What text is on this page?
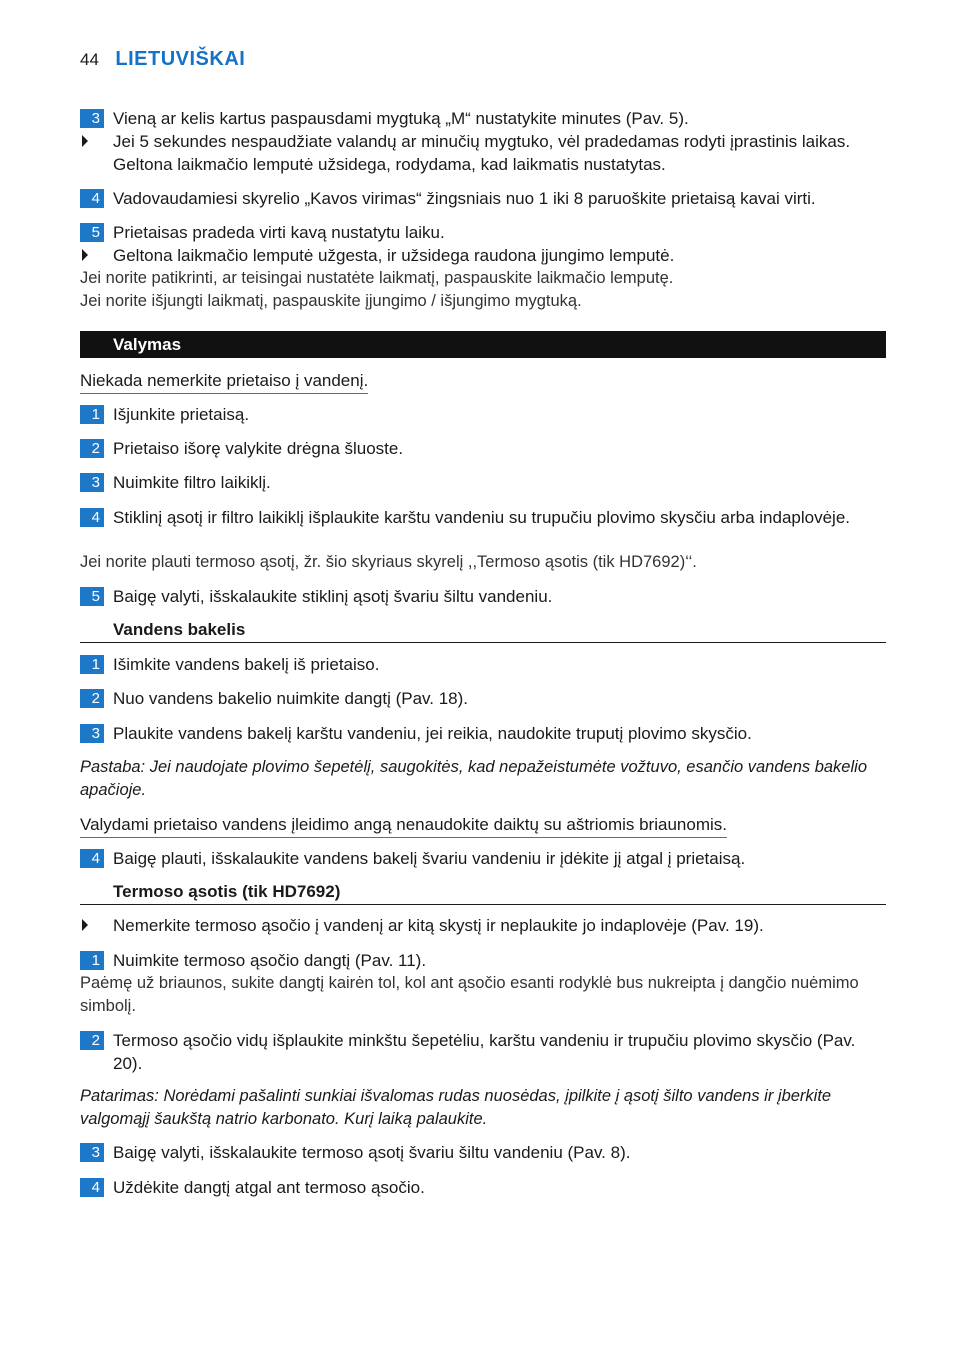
44 LIETUVIŠKAI
3 Vieną ar kelis kartus paspausdami mygtuką „M“ nustatykite minutes (Pav. 5).
Jei 5 sekundes nespaudžiate valandų ar minučių mygtuko, vėl pradedamas rodyti įprastinis laikas. Geltona laikmačio lemputė užsidega, rodydama, kad laikmatis nustatytas.
4 Vadovaudamiesi skyrelio „Kavos virimas“ žingsniais nuo 1 iki 8 paruoškite prietaisą kavai virti.
5 Prietaisas pradeda virti kavą nustatytu laiku.
Geltona laikmačio lemputė užgesta, ir užsidega raudona įjungimo lemputė.
Jei norite patikrinti, ar teisingai nustatėte laikmatį, paspauskite laikmačio lemputę.
Jei norite išjungti laikmatį, paspauskite įjungimo / išjungimo mygtuką.
Valymas
Niekada nemerkite prietaiso į vandenį.
1 Išjunkite prietaisą.
2 Prietaiso išorę valykite drėgna šluoste.
3 Nuimkite filtro laikiklį.
4 Stiklinį ąsotį ir filtro laikiklį išplaukite karštu vandeniu su trupučiu plovimo skysčiu arba indaplovėje.
Jei norite plauti termoso ąsotį, žr. šio skyriaus skyrelį ,,Termoso ąsotis (tik HD7692)‘‘.
5 Baigę valyti, išskalaukite stiklinį ąsotį švariu šiltu vandeniu.
Vandens bakelis
1 Išimkite vandens bakelį iš prietaiso.
2 Nuo vandens bakelio nuimkite dangtį (Pav. 18).
3 Plaukite vandens bakelį karštu vandeniu, jei reikia, naudokite truputį plovimo skysčio.
Pastaba: Jei naudojate plovimo šepetėlį, saugokitės, kad nepažeistumėte vožtuvo, esančio vandens bakelio apačioje.
Valydami prietaiso vandens įleidimo angą nenaudokite daiktų su aštriomis briaunomis.
4 Baigę plauti, išskalaukite vandens bakelį švariu vandeniu ir įdėkite jį atgal į prietaisą.
Termoso ąsotis (tik HD7692)
Nemerkite termoso ąsočio į vandenį ar kitą skystį ir neplaukite jo indaplovėje (Pav. 19).
1 Nuimkite termoso ąsočio dangtį (Pav. 11).
Paėmę už briaunos, sukite dangtį kairėn tol, kol ant ąsočio esanti rodyklė bus nukreipta į dangčio nuėmimo simbolį.
2 Termoso ąsočio vidų išplaukite minkštu šepetėliu, karštu vandeniu ir trupučiu plovimo skysčio (Pav. 20).
Patarimas: Norėdami pašalinti sunkiai išvalomas rudas nuosėdas, įpilkite į ąsotį šilto vandens ir įberkite valgomąjį šaukštą natrio karbonato. Kurį laiką palaukite.
3 Baigę valyti, išskalaukite termoso ąsotį švariu šiltu vandeniu (Pav. 8).
4 Uždėkite dangtį atgal ant termoso ąsočio.
